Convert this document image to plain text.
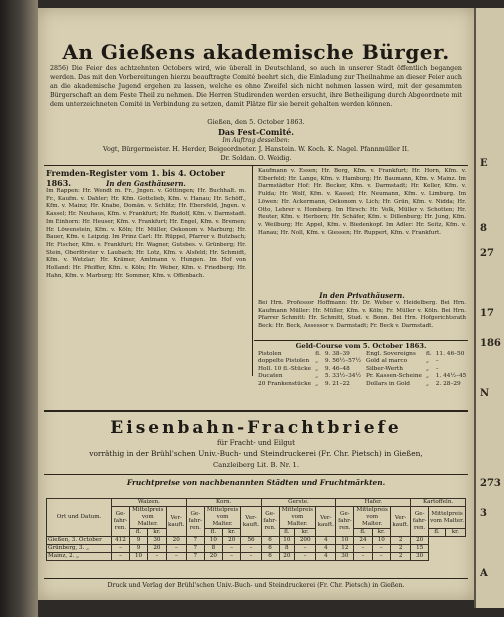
An Gießens akademische Bürger.
2856) Die Feier des achtzehnten Octobers wird, wie überall in Deutschland, so auch in unserer Stadt öffentlich begangen werden. Das mit den Vorbereitungen hierzu beauftragte Comité beehrt sich, die Einladung zur Theilnahme an dieser Feier auch an die akademische Jugend ergehen zu lassen, welche es ohne Zweifel sich nicht nehmen lassen wird, mit der gesammten Bürgerschaft an dem Feste Theil zu nehmen. Die Herren Studirenden werden ersucht, ihre Betheiligung durch Abgeordnete mit dem unterzeichneten Comité in Verbindung zu setzen, damit Plätze für sie bereit gehalten werden können.
Gießen, den 5. October 1863.
Das Fest-Comité.
Im Auftrag desselben:
Vogt, Bürgermeister. H. Herder, Beigeordneter. J. Hanstein. W. Koch. K. Nagel. Pfannmüller II.
Dr. Soldan. O. Weidig.
Fremden-Register vom 1. bis 4. October 1863.	In den Gasthäusern.
Im Rappen: Hr. Wendt m. Fr., Jngen. v. Göttingen; Hr. Buchhalt. m. Fr., Kaufm. v. Dahler; Hr. Kfm. Gottelieb, Kfm. v. Hanau; Hr. Schöff., Kfm. v. Mainz; Hr. Knabe, Domän. v. Schlitz; Hr. Ebersfeld, Jngen. v. Kassel; Hr. Neuhaus, Kfm. v. Frankfurt; Hr. Rudolf, Kfm. v. Darmstadt. Im Einhorn: Hr. Heuser, Kfm. v. Frankfurt; Hr. Engel, Kfm. v. Bremen; Hr. Löwenstein, Kfm. v. Köln; Hr. Müller, Oekonom v. Marburg; Hr. Bauer, Kfm. v. Leipzig. Im Prinz Carl: Hr. Rüppel, Pfarrer v. Butzbach; Hr. Fischer, Kfm. v. Frankfurt; Hr. Wagner, Gutsbes. v. Grünberg; Hr. Stein, Oberförster v. Laubach; Hr. Lotz, Kfm. v. Alsfeld; Hr. Schmidt, Kfm. v. Wetzlar; Hr. Krämer, Amtmann v. Hungen. Im Hof von Holland: Hr. Pfeiffer, Kfm. v. Köln; Hr. Weber, Kfm. v. Friedberg; Hr. Hahn, Kfm. v. Marburg; Hr. Sommer, Kfm. v. Offenbach.
Kaufmann v. Essen; Hr. Berg, Kfm. v. Frankfurt; Hr. Horn, Kfm. v. Elberfeld; Hr. Lange, Kfm. v. Hamburg; Hr. Baumann, Kfm. v. Mainz. Im Darmstädter Hof: Hr. Becker, Kfm. v. Darmstadt; Hr. Keller, Kfm. v. Fulda; Hr. Wolf, Kfm. v. Kassel; Hr. Neumann, Kfm. v. Limburg. Im Löwen: Hr. Ackermann, Oekonom v. Lich; Hr. Grün, Kfm. v. Nidda; Hr. Otto, Lehrer v. Homberg. Im Hirsch: Hr. Volk, Müller v. Schotten; Hr. Reuter, Kfm. v. Herborn; Hr. Schäfer, Kfm. v. Dillenburg; Hr. Jung, Kfm. v. Weilburg; Hr. Appel, Kfm. v. Biedenkopf. Im Adler: Hr. Seitz, Kfm. v. Hanau; Hr. Noll, Kfm. v. Giessen; Hr. Ruppert, Kfm. v. Frankfurt.
In den Privathäusern.
Bei Hrn. Professor Hoffmann: Hr. Dr. Weber v. Heidelberg. Bei Hrn. Kaufmann Müller: Hr. Müller, Kfm. v. Köln; Fr. Müller v. Köln. Bei Hrn. Pfarrer Schmitt: Hr. Schmitt, Stud. v. Bonn. Bei Hrn. Hofgerichtsrath Beck: Hr. Beck, Assessor v. Darmstadt; Fr. Beck v. Darmstadt.
Geld-Course vom 5. October 1863.
Pistolen	fl.	9. 38–39
doppelte Pistolen	„	9. 56½–57½
Holl. 10 fl.-Stücke	„	9. 46–48
Ducaten	„	5. 33½–34½
20 Frankenstücke	„	9. 21–22
Engl. Sovereigns	fl.	11. 46–50
Gold al marco	„	–
Silber-Werth	„	–
Pr. Kassen-Scheine	„	1. 44½–45
Dollars in Gold	„	2. 28–29
Eisenbahn-Frachtbriefe
für Fracht- und Eilgut
vorräthig in der Brühl'schen Univ.-Buch- und Steindruckerei (Fr. Chr. Pietsch) in Gießen,
Canzleiberg Lit. B. Nr. 1.
Fruchtpreise von nachbenannten Städten und Fruchtmärkten.
Ort und Datum.	Waizen.				Korn.				Gerste.				Hafer.				Kartoffeln.		
	Ge-fahr-ren.	Mittelpreis vom Malter.		Ver-kauft.	Ge-fahr-ren.	Mittelpreis vom Malter.		Ver-kauft.	Ge-fahr-ren.	Mittelpreis vom Malter.		Ver-kauft.	Ge-fahr-ren.	Mittelpreis vom Malter.		Ver-kauft.	Ge-fahr-ren.	Mittelpreis vom Malter.	
		fl.	kr.			fl.	kr.			fl.	kr.			fl.	kr.			fl.	kr.
Gießen, 3. October	412	9	30	20	7	10	20	56	6	10	200	4	10	24	10	2	20		
Grünberg, 3. „	–	9	20	–	7	8	–	–	6	8	–	4	12	–	–	2	15		
Mainz, 2. „	–	10	–	–	7	20	–	–	6	20	–	4	30	–	–	2	30		
Druck und Verlag der Brühl'schen Univ.-Buch- und Steindruckerei (Fr. Chr. Pietsch) in Gießen.
E
8
27
17
186
N
273
3
A
